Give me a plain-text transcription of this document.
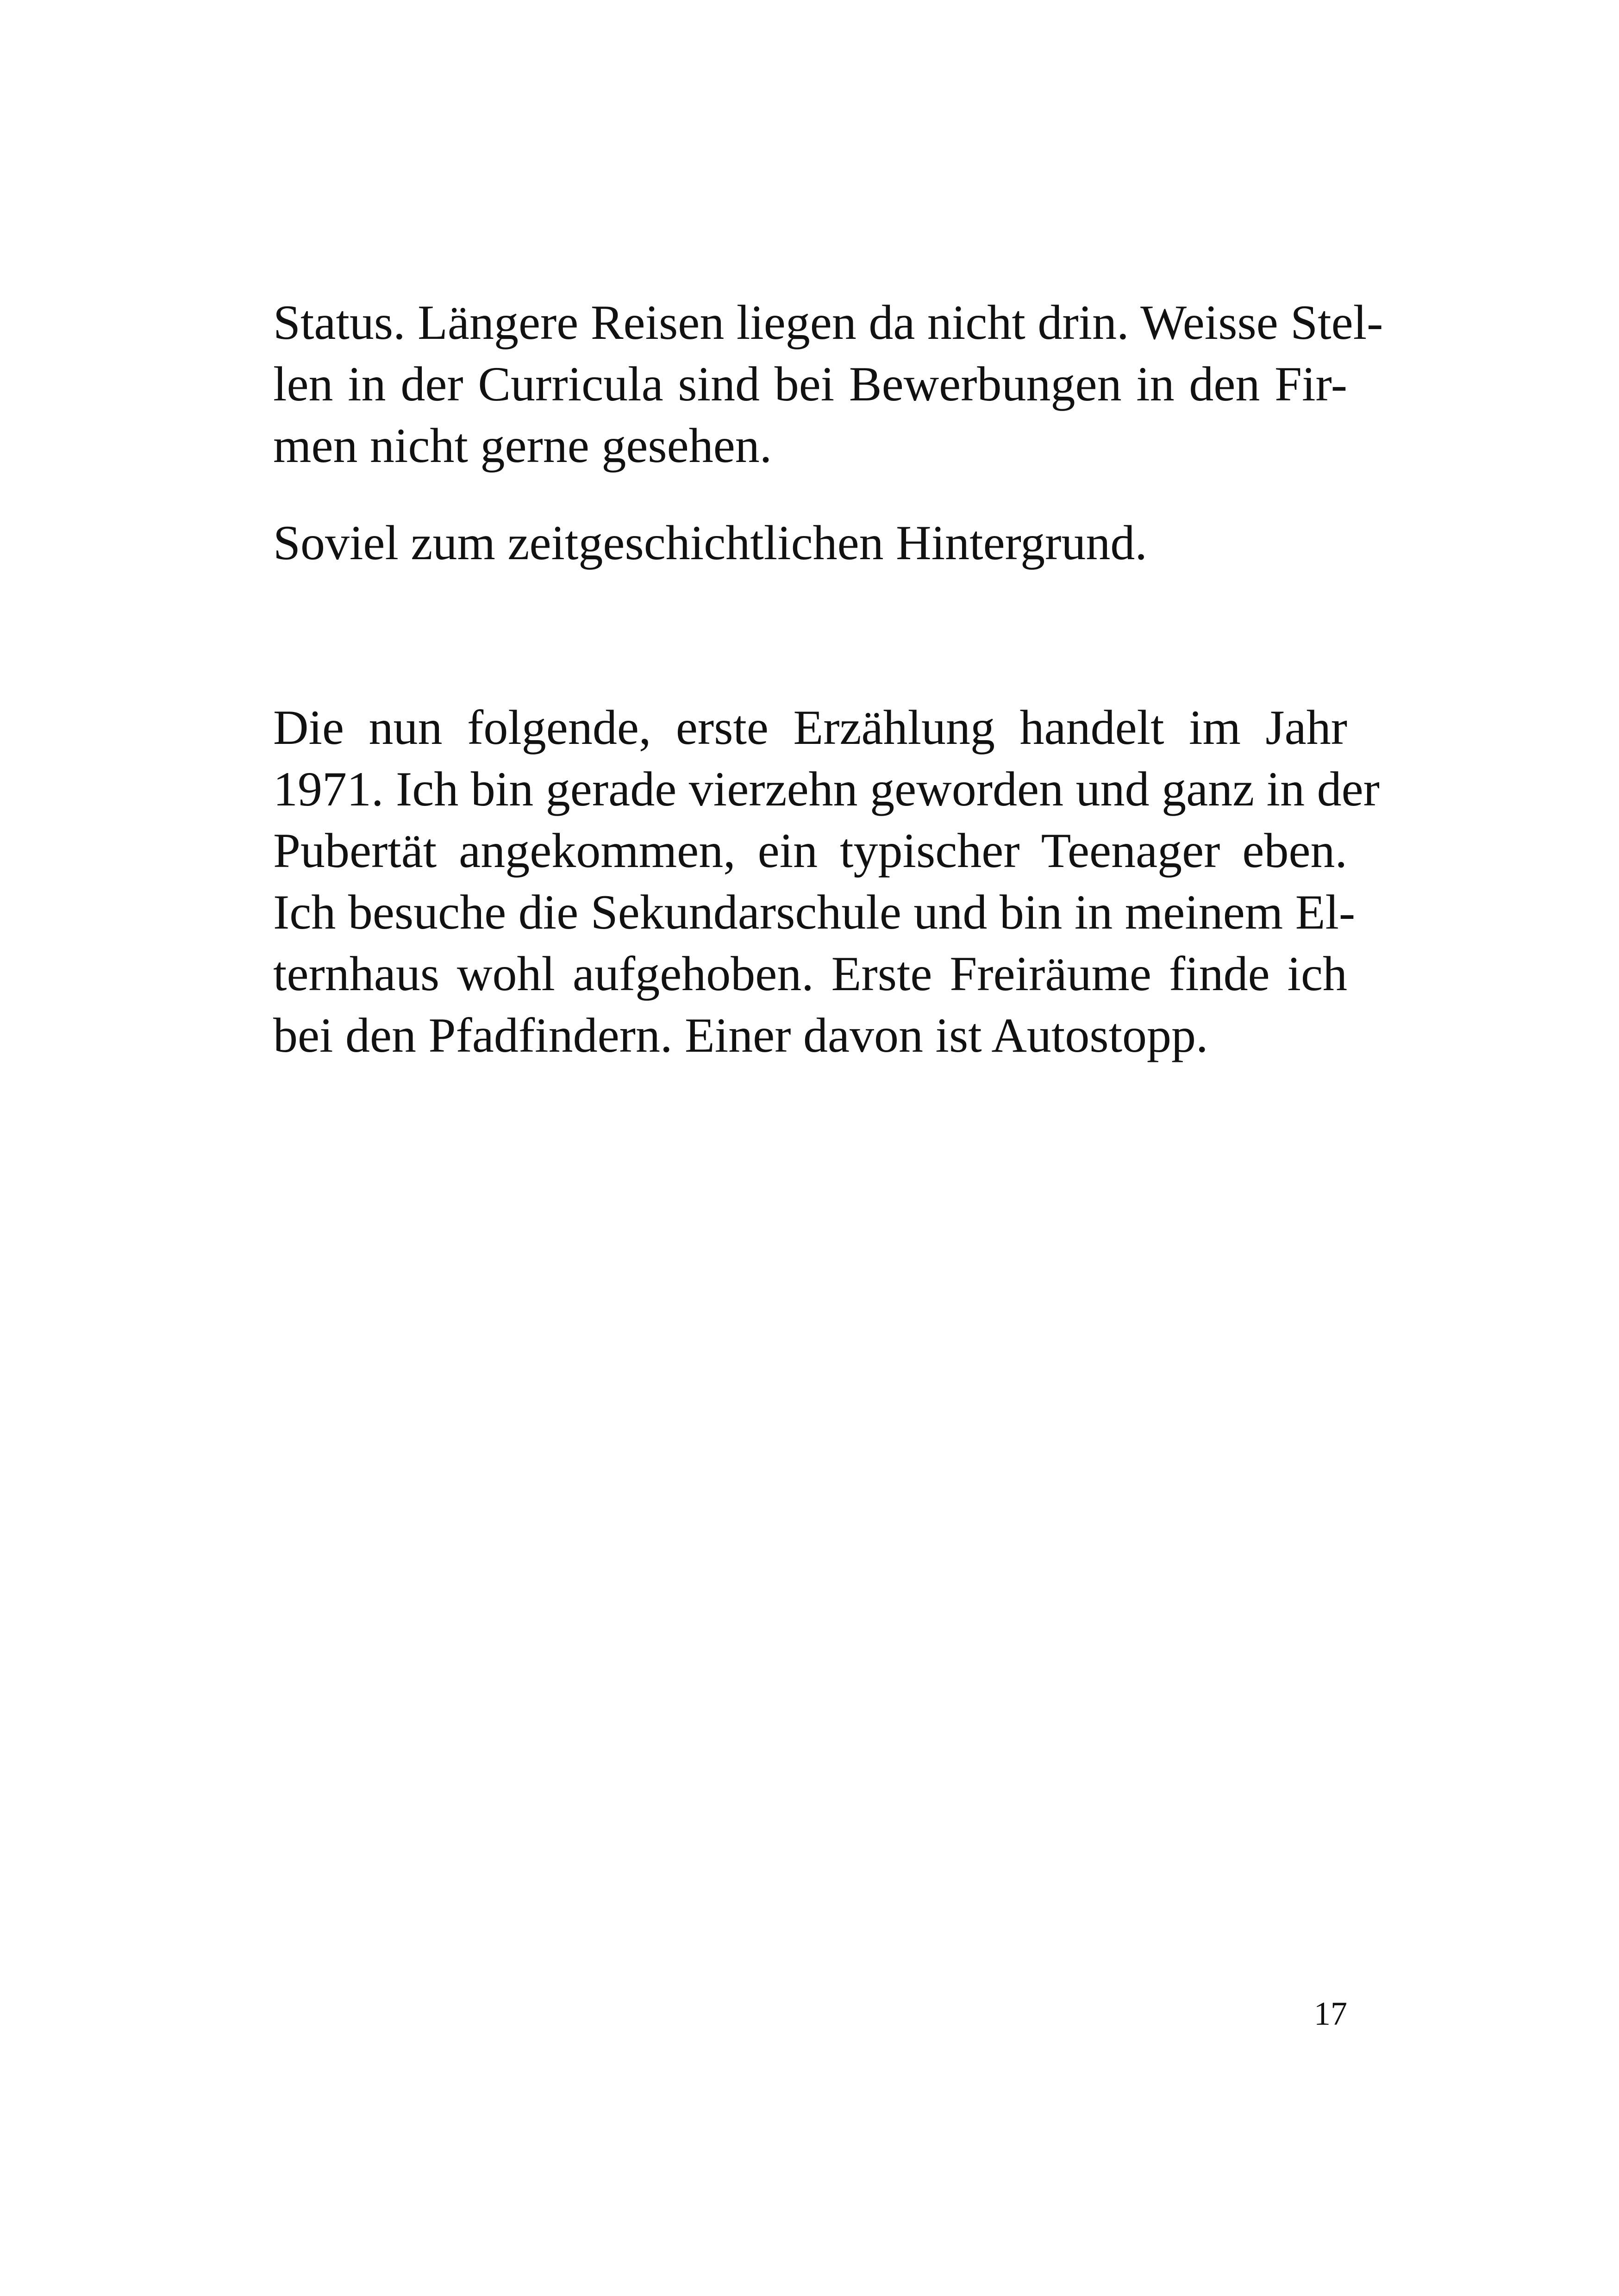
Status. Längere Reisen liegen da nicht drin. Weisse Stel-
len in der Curricula sind bei Bewerbungen in den Fir-
men nicht gerne gesehen.
Soviel zum zeitgeschichtlichen Hintergrund.
Die nun folgende, erste Erzählung handelt im Jahr
1971. Ich bin gerade vierzehn geworden und ganz in der
Pubertät angekommen, ein typischer Teenager eben.
Ich besuche die Sekundarschule und bin in meinem El-
ternhaus wohl aufgehoben. Erste Freiräume finde ich
bei den Pfadfindern. Einer davon ist Autostopp.
17
